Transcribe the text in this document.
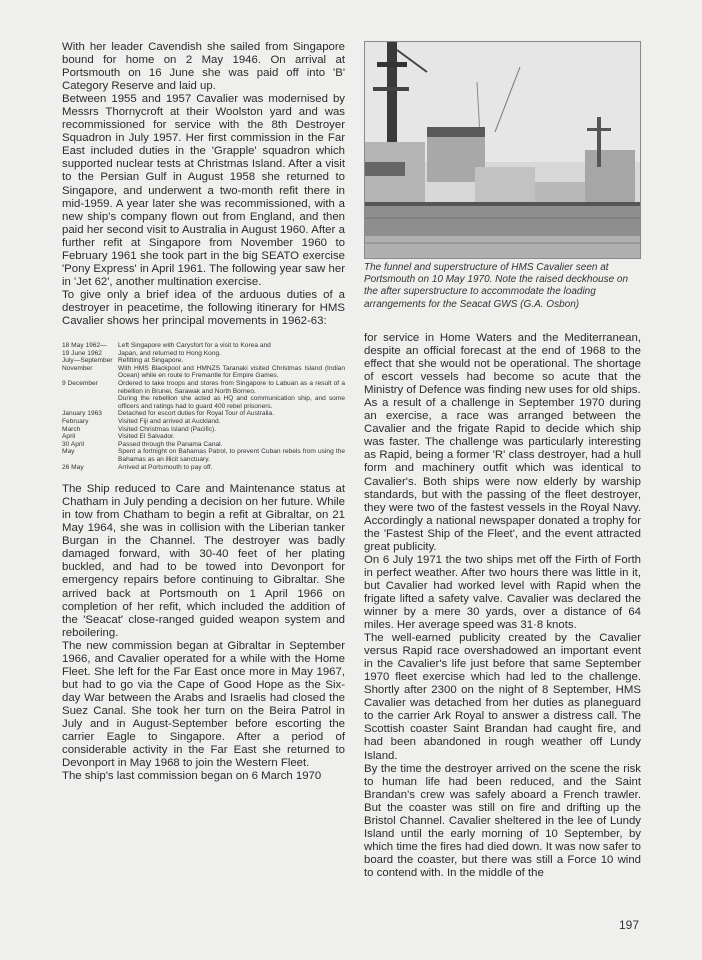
With her leader Cavendish she sailed from Singapore bound for home on 2 May 1946. On arrival at Portsmouth on 16 June she was paid off into 'B' Category Reserve and laid up.

Between 1955 and 1957 Cavalier was modernised by Messrs Thornycroft at their Woolston yard and was recommissioned for service with the 8th Destroyer Squadron in July 1957. Her first commission in the Far East included duties in the 'Grapple' squadron which supported nuclear tests at Christmas Island. After a visit to the Persian Gulf in August 1958 she returned to Singapore, and underwent a two-month refit there in mid-1959. A year later she was recommissioned, with a new ship's company flown out from England, and then paid her second visit to Australia in August 1960. After a further refit at Singapore from November 1960 to February 1961 she took part in the big SEATO exercise 'Pony Express' in April 1961. The following year saw her in 'Jet 62', another multination exercise.

To give only a brief idea of the arduous duties of a destroyer in peacetime, the following itinerary for HMS Cavalier shows her principal movements in 1962-63:

18 May 1962—	Left Singapore with Carysfort for a visit to Korea and
19 June 1962	Japan, and returned to Hong Kong.
July—September Refitting at Singapore.
November	With HMS Blackpool and HMNZS Taranaki visited Christmas Island (Indian Ocean) while en route to Fremantle for Empire Games.
9 December	Ordered to take troops and stores from Singapore to Labuan as a result of a rebellion in Brunei, Sarawak and North Borneo.
During the rebellion she acted as HQ and communication ship, and some officers and ratings had to guard 400 rebel prisoners.
January 1963	Detached for escort duties for Royal Tour of Australia.
February	Visited Fiji and arrived at Auckland.
March	Visited Christmas Island (Pacific).
April	Visited El Salvador.
30 April	Passed through the Panama Canal.
May	Spent a fortnight on Bahamas Patrol, to prevent Cuban rebels from using the Bahamas as an illicit sanctuary.
26 May	Arrived at Portsmouth to pay off.

The Ship reduced to Care and Maintenance status at Chatham in July pending a decision on her future. While in tow from Chatham to begin a refit at Gibraltar, on 21 May 1964, she was in collision with the Liberian tanker Burgan in the Channel. The destroyer was badly damaged forward, with 30-40 feet of her plating buckled, and had to be towed into Devonport for emergency repairs before continuing to Gibraltar. She arrived back at Portsmouth on 1 April 1966 on completion of her refit, which included the addition of the 'Seacat' close-ranged guided weapon system and reboilering.

The new commission began at Gibraltar in September 1966, and Cavalier operated for a while with the Home Fleet. She left for the Far East once more in May 1967, but had to go via the Cape of Good Hope as the Six-day War between the Arabs and Israelis had closed the Suez Canal. She took her turn on the Beira Patrol in July and in August-September before escorting the carrier Eagle to Singapore. After a period of considerable activity in the Far East she returned to Devonport in May 1968 to join the Western Fleet.

The ship's last commission began on 6 March 1970

The funnel and superstructure of HMS Cavalier seen at Portsmouth on 10 May 1970. Note the raised deckhouse on the after superstructure to accommodate the loading arrangements for the Seacat GWS (G.A. Osbon)

for service in Home Waters and the Mediterranean, despite an official forecast at the end of 1968 to the effect that she would not be operational. The shortage of escort vessels had become so acute that the Ministry of Defence was finding new uses for old ships.

As a result of a challenge in September 1970 during an exercise, a race was arranged between the Cavalier and the frigate Rapid to decide which ship was faster. The challenge was particularly interesting as Rapid, being a former 'R' class destroyer, had a hull form and machinery outfit which was identical to Cavalier's. Both ships were now elderly by warship standards, but with the passing of the fleet destroyer, they were two of the fastest vessels in the Royal Navy. Accordingly a national newspaper donated a trophy for the 'Fastest Ship of the Fleet', and the event attracted great publicity.

On 6 July 1971 the two ships met off the Firth of Forth in perfect weather. After two hours there was little in it, but Cavalier had worked level with Rapid when the frigate lifted a safety valve. Cavalier was declared the winner by a mere 30 yards, over a distance of 64 miles. Her average speed was 31·8 knots.

The well-earned publicity created by the Cavalier versus Rapid race overshadowed an important event in the Cavalier's life just before that same September 1970 fleet exercise which had led to the challenge. Shortly after 2300 on the night of 8 September, HMS Cavalier was detached from her duties as planeguard to the carrier Ark Royal to answer a distress call. The Scottish coaster Saint Brandan had caught fire, and had been abandoned in rough weather off Lundy Island.

By the time the destroyer arrived on the scene the risk to human life had been reduced, and the Saint Brandan's crew was safely aboard a French trawler. But the coaster was still on fire and drifting up the Bristol Channel. Cavalier sheltered in the lee of Lundy Island until the early morning of 10 September, by which time the fires had died down. It was now safer to board the coaster, but there was still a Force 10 wind to contend with. In the middle of the

197
